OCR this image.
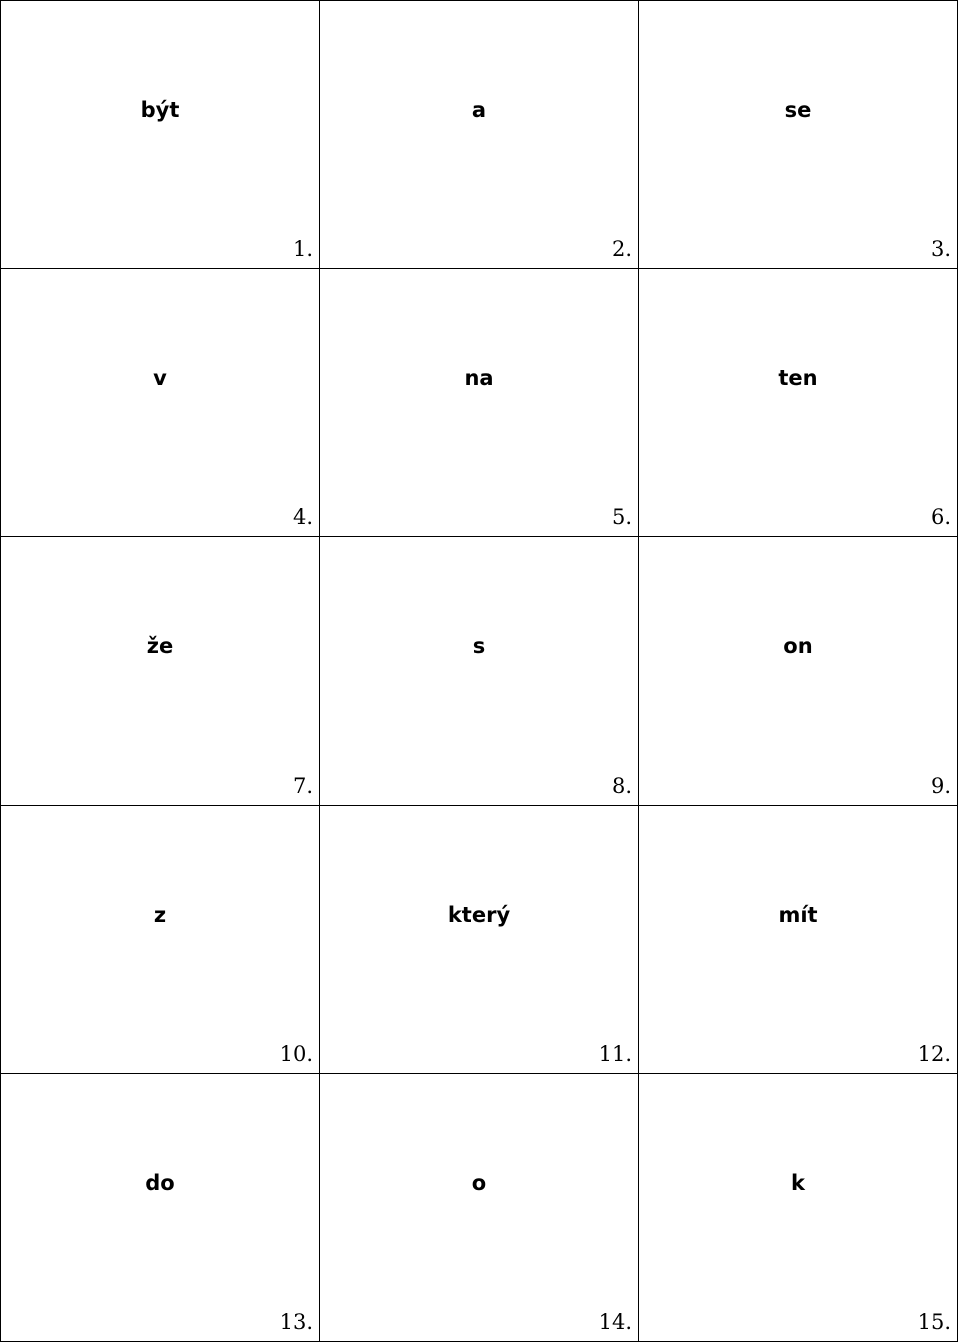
být
1.
a
2.
se
3.
v
4.
na
5.
ten
6.
že
7.
s
8.
on
9.
z
10.
který
11.
mít
12.
do
13.
o
14.
k
15.
